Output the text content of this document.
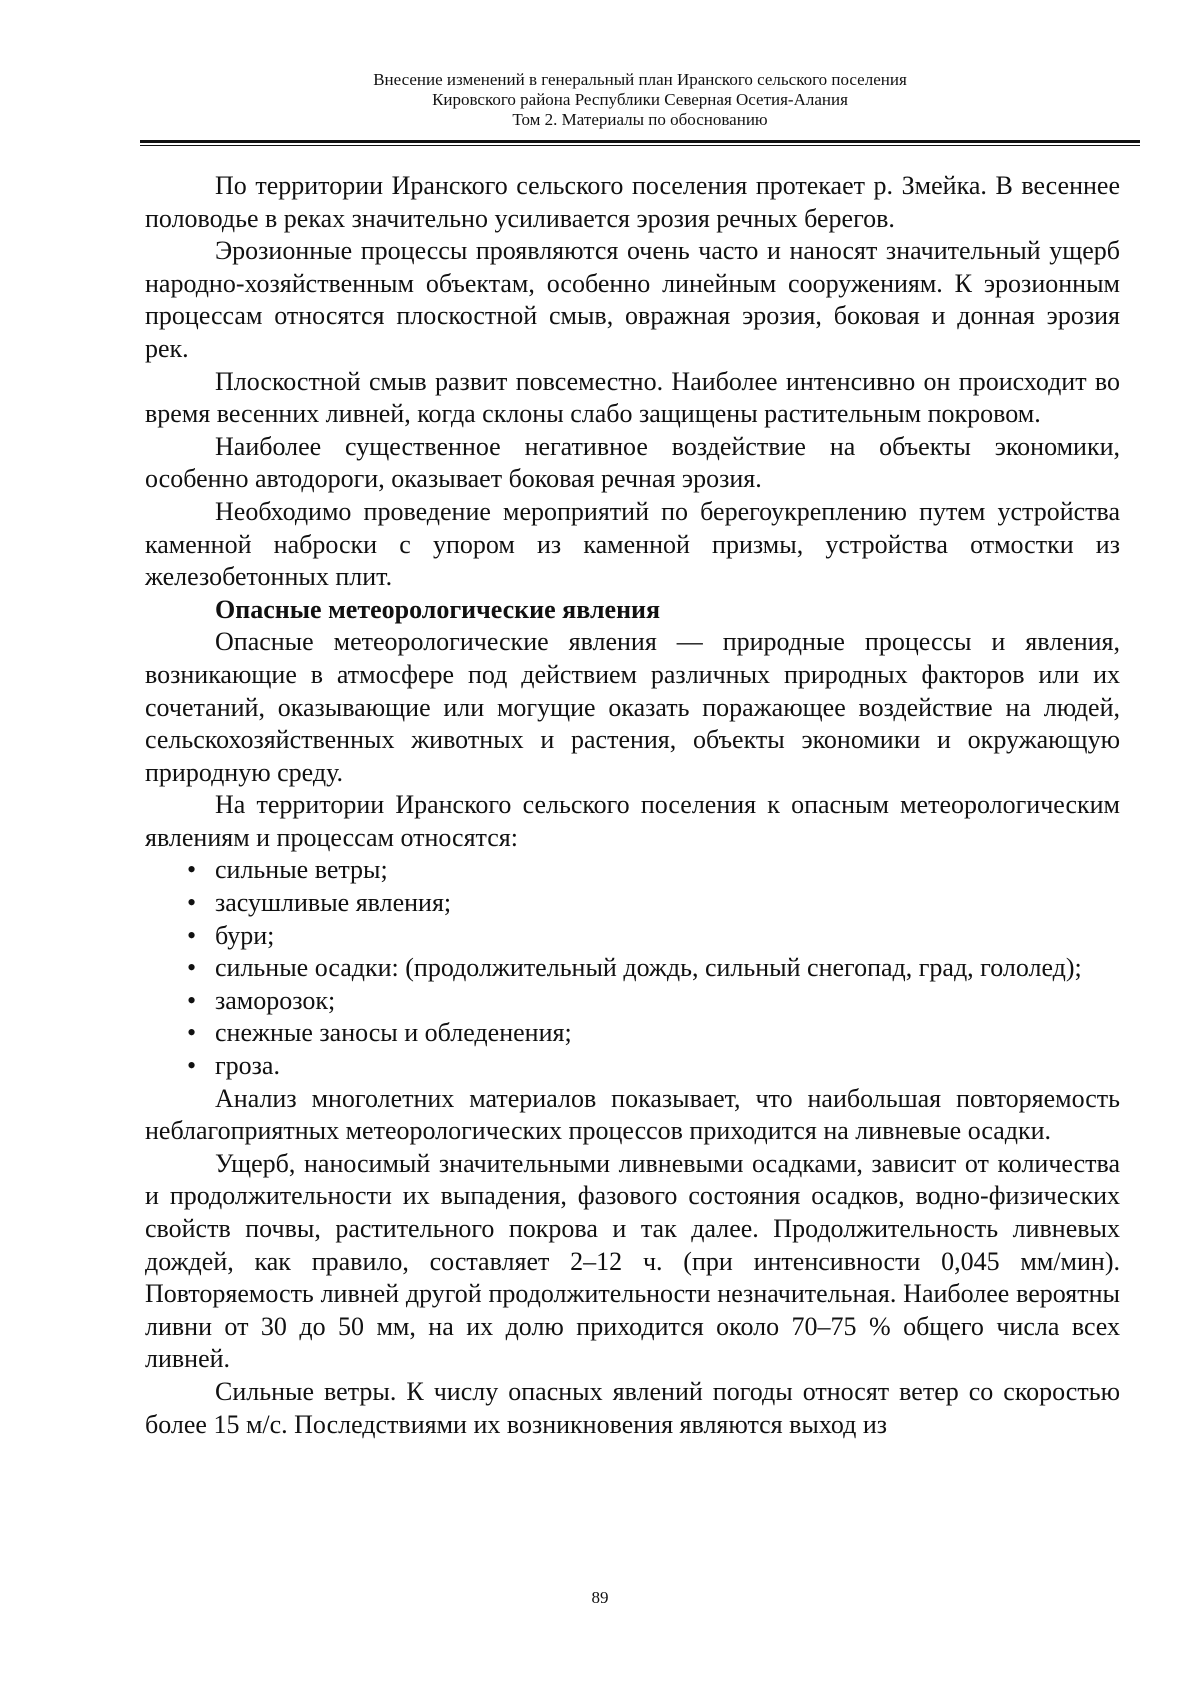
Внесение изменений в генеральный план Иранского сельского поселения
Кировского района Республики Северная Осетия-Алания
Том 2. Материалы по обоснованию

По территории Иранского сельского поселения протекает р. Змейка. В весеннее половодье в реках значительно усиливается эрозия речных берегов.

Эрозионные процессы проявляются очень часто и наносят значительный ущерб народно-хозяйственным объектам, особенно линейным сооружениям. К эрозионным процессам относятся плоскостной смыв, овражная эрозия, боковая и донная эрозия рек.

Плоскостной смыв развит повсеместно. Наиболее интенсивно он происходит во время весенних ливней, когда склоны слабо защищены растительным покровом.

Наиболее существенное негативное воздействие на объекты экономики, особенно автодороги, оказывает боковая речная эрозия.

Необходимо проведение мероприятий по берегоукреплению путем устройства каменной наброски с упором из каменной призмы, устройства отмостки из железобетонных плит.

Опасные метеорологические явления

Опасные метеорологические явления — природные процессы и явления, возникающие в атмосфере под действием различных природных факторов или их сочетаний, оказывающие или могущие оказать поражающее воздействие на людей, сельскохозяйственных животных и растения, объекты экономики и окружающую природную среду.

На территории Иранского сельского поселения к опасным метеорологическим явлениям и процессам относятся:

• сильные ветры;
• засушливые явления;
• бури;
• сильные осадки: (продолжительный дождь, сильный снегопад, град, гололед);
• заморозок;
• снежные заносы и обледенения;
• гроза.

Анализ многолетних материалов показывает, что наибольшая повторяемость неблагоприятных метеорологических процессов приходится на ливневые осадки.

Ущерб, наносимый значительными ливневыми осадками, зависит от количества и продолжительности их выпадения, фазового состояния осадков, водно-физических свойств почвы, растительного покрова и так далее. Продолжительность ливневых дождей, как правило, составляет 2–12 ч. (при интенсивности 0,045 мм/мин). Повторяемость ливней другой продолжительности незначительная. Наиболее вероятны ливни от 30 до 50 мм, на их долю приходится около 70–75 % общего числа всех ливней.

Сильные ветры. К числу опасных явлений погоды относят ветер со скоростью более 15 м/с. Последствиями их возникновения являются выход из

89
